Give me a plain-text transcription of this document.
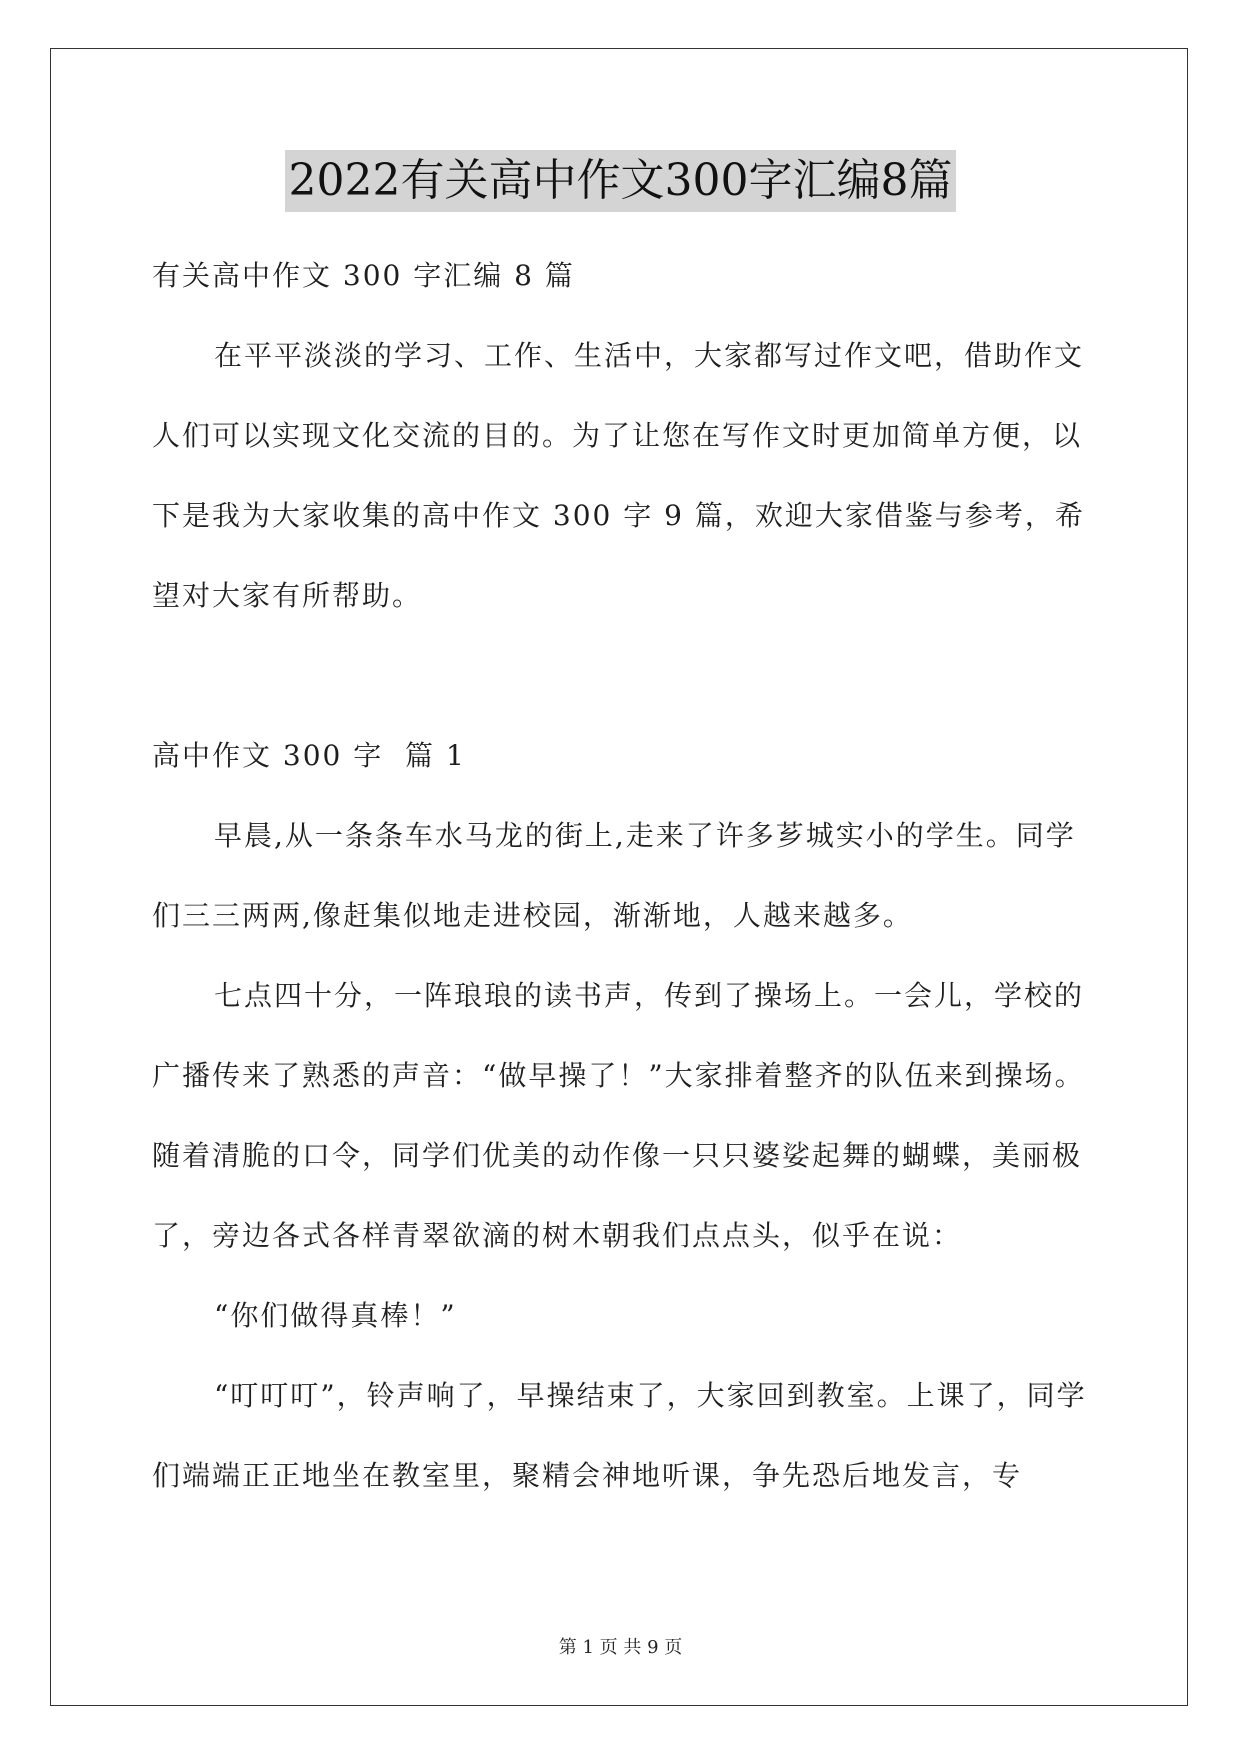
2022有关高中作文300字汇编8篇

有关高中作文 300 字汇编 8 篇

在平平淡淡的学习、工作、生活中，大家都写过作文吧，借助作文人们可以实现文化交流的目的。为了让您在写作文时更加简单方便，以下是我为大家收集的高中作文 300 字 9 篇，欢迎大家借鉴与参考，希望对大家有所帮助。

高中作文 300 字  篇 1

早晨,从一条条车水马龙的街上,走来了许多芗城实小的学生。同学们三三两两,像赶集似地走进校园，渐渐地，人越来越多。

七点四十分，一阵琅琅的读书声，传到了操场上。一会儿，学校的广播传来了熟悉的声音：“做早操了！”大家排着整齐的队伍来到操场。随着清脆的口令，同学们优美的动作像一只只婆娑起舞的蝴蝶，美丽极了，旁边各式各样青翠欲滴的树木朝我们点点头，似乎在说：

“你们做得真棒！”

“叮叮叮”，铃声响了，早操结束了，大家回到教室。上课了，同学们端端正正地坐在教室里，聚精会神地听课，争先恐后地发言，专

第 1 页 共 9 页
